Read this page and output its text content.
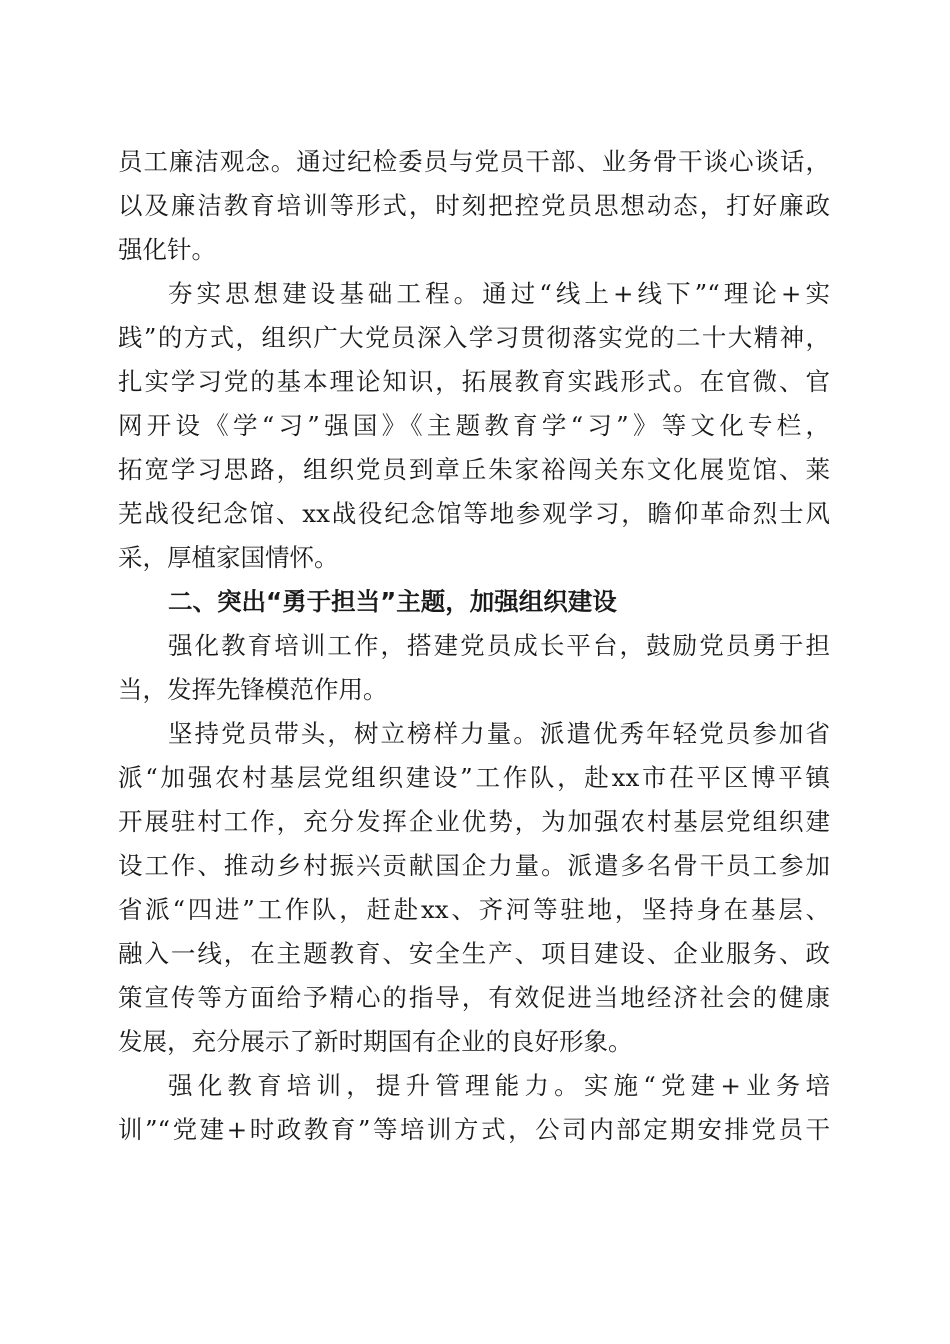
员工廉洁观念。通过纪检委员与党员干部、业务骨干谈心谈话，
以及廉洁教育培训等形式，时刻把控党员思想动态，打好廉政
强化针。
夯实思想建设基础工程。通过“线上+线下”“理论+实
践”的方式，组织广大党员深入学习贯彻落实党的二十大精神，
扎实学习党的基本理论知识，拓展教育实践形式。在官微、官
网开设《学“习”强国》《主题教育学“习”》等文化专栏，
拓宽学习思路，组织党员到章丘朱家裕闯关东文化展览馆、莱
芜战役纪念馆、xx战役纪念馆等地参观学习，瞻仰革命烈士风
采，厚植家国情怀。
二、突出“勇于担当”主题，加强组织建设
强化教育培训工作，搭建党员成长平台，鼓励党员勇于担
当，发挥先锋模范作用。
坚持党员带头，树立榜样力量。派遣优秀年轻党员参加省
派“加强农村基层党组织建设”工作队，赴xx市茌平区博平镇
开展驻村工作，充分发挥企业优势，为加强农村基层党组织建
设工作、推动乡村振兴贡献国企力量。派遣多名骨干员工参加
省派“四进”工作队，赶赴xx、齐河等驻地，坚持身在基层、
融入一线，在主题教育、安全生产、项目建设、企业服务、政
策宣传等方面给予精心的指导，有效促进当地经济社会的健康
发展，充分展示了新时期国有企业的良好形象。
强化教育培训，提升管理能力。实施“党建+业务培
训”“党建+时政教育”等培训方式，公司内部定期安排党员干
